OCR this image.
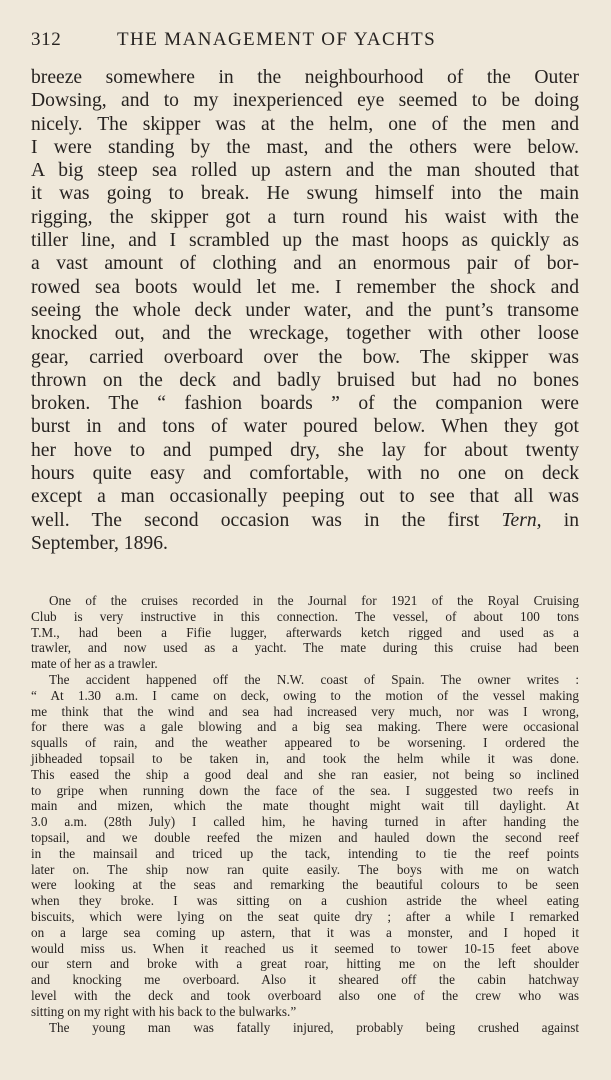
312	THE MANAGEMENT OF YACHTS
breeze somewhere in the neighbourhood of the Outer
Dowsing, and to my inexperienced eye seemed to be doing
nicely. The skipper was at the helm, one of the men and
I were standing by the mast, and the others were below.
A big steep sea rolled up astern and the man shouted that
it was going to break. He swung himself into the main
rigging, the skipper got a turn round his waist with the
tiller line, and I scrambled up the mast hoops as quickly as
a vast amount of clothing and an enormous pair of bor-
rowed sea boots would let me. I remember the shock and
seeing the whole deck under water, and the punt’s transome
knocked out, and the wreckage, together with other loose
gear, carried overboard over the bow. The skipper was
thrown on the deck and badly bruised but had no bones
broken. The “ fashion boards ” of the companion were
burst in and tons of water poured below. When they got
her hove to and pumped dry, she lay for about twenty
hours quite easy and comfortable, with no one on deck
except a man occasionally peeping out to see that all was
well. The second occasion was in the first Tern, in
September, 1896.
One of the cruises recorded in the Journal for 1921 of the Royal Cruising
Club is very instructive in this connection. The vessel, of about 100 tons
T.M., had been a Fifie lugger, afterwards ketch rigged and used as a
trawler, and now used as a yacht. The mate during this cruise had been
mate of her as a trawler.
The accident happened off the N.W. coast of Spain. The owner writes :
“ At 1.30 a.m. I came on deck, owing to the motion of the vessel making
me think that the wind and sea had increased very much, nor was I wrong,
for there was a gale blowing and a big sea making. There were occasional
squalls of rain, and the weather appeared to be worsening. I ordered the
jibheaded topsail to be taken in, and took the helm while it was done.
This eased the ship a good deal and she ran easier, not being so inclined
to gripe when running down the face of the sea. I suggested two reefs in
main and mizen, which the mate thought might wait till daylight. At
3.0 a.m. (28th July) I called him, he having turned in after handing the
topsail, and we double reefed the mizen and hauled down the second reef
in the mainsail and triced up the tack, intending to tie the reef points
later on. The ship now ran quite easily. The boys with me on watch
were looking at the seas and remarking the beautiful colours to be seen
when they broke. I was sitting on a cushion astride the wheel eating
biscuits, which were lying on the seat quite dry ; after a while I remarked
on a large sea coming up astern, that it was a monster, and I hoped it
would miss us. When it reached us it seemed to tower 10-15 feet above
our stern and broke with a great roar, hitting me on the left shoulder
and knocking me overboard. Also it sheared off the cabin hatchway
level with the deck and took overboard also one of the crew who was
sitting on my right with his back to the bulwarks.”
The young man was fatally injured, probably being crushed against
